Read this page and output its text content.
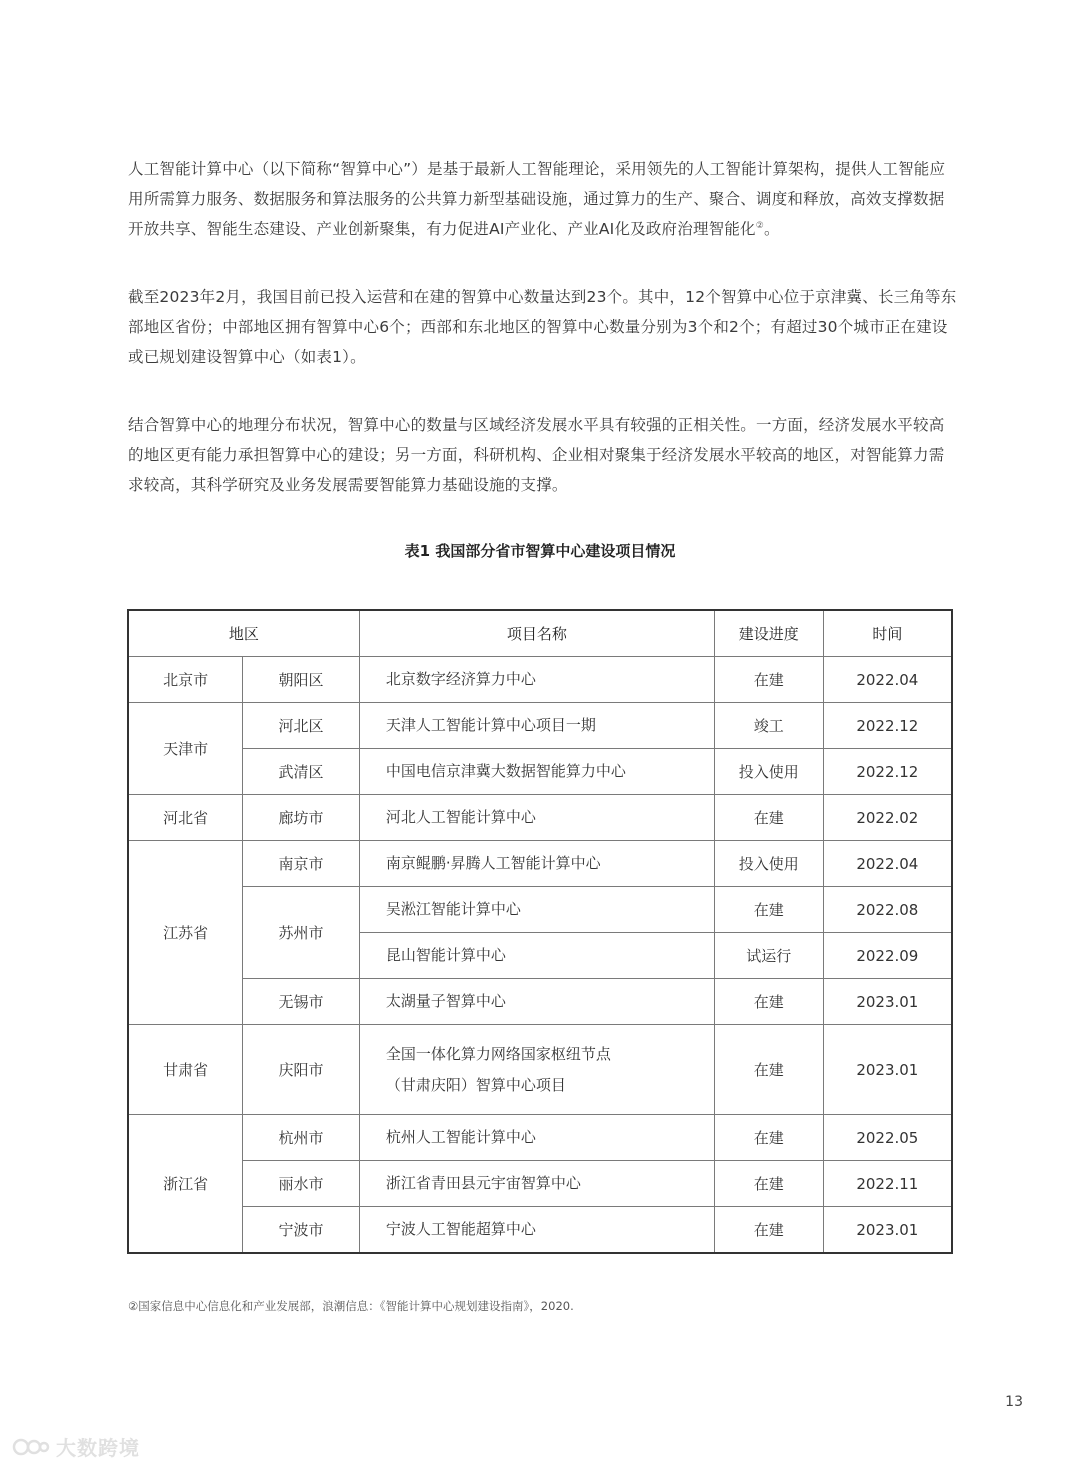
人工智能计算中心（以下简称“智算中心”）是基于最新人工智能理论，采用领先的人工智能计算架构，提供人工智能应用所需算力服务、数据服务和算法服务的公共算力新型基础设施，通过算力的生产、聚合、调度和释放，高效支撑数据开放共享、智能生态建设、产业创新聚集，有力促进AI产业化、产业AI化及政府治理智能化②。

截至2023年2月，我国目前已投入运营和在建的智算中心数量达到23个。其中，12个智算中心位于京津冀、长三角等东部地区省份；中部地区拥有智算中心6个；西部和东北地区的智算中心数量分别为3个和2个；有超过30个城市正在建设或已规划建设智算中心（如表1）。

结合智算中心的地理分布状况，智算中心的数量与区域经济发展水平具有较强的正相关性。一方面，经济发展水平较高的地区更有能力承担智算中心的建设；另一方面，科研机构、企业相对聚集于经济发展水平较高的地区，对智能算力需求较高，其科学研究及业务发展需要智能算力基础设施的支撑。

表1 我国部分省市智算中心建设项目情况
地区		项目名称	建设进度	时间
北京市	朝阳区	北京数字经济算力中心	在建	2022.04
天津市	河北区	天津人工智能计算中心项目一期	竣工	2022.12
	武清区	中国电信京津冀大数据智能算力中心	投入使用	2022.12
河北省	廊坊市	河北人工智能计算中心	在建	2022.02
江苏省	南京市	南京鲲鹏·昇腾人工智能计算中心	投入使用	2022.04
	苏州市	吴淞江智能计算中心	在建	2022.08
		昆山智能计算中心	试运行	2022.09
	无锡市	太湖量子智算中心	在建	2023.01
甘肃省	庆阳市	全国一体化算力网络国家枢纽节点
（甘肃庆阳）智算中心项目	在建	2023.01
浙江省	杭州市	杭州人工智能计算中心	在建	2022.05
	丽水市	浙江省青田县元宇宙智算中心	在建	2022.11
	宁波市	宁波人工智能超算中心	在建	2023.01
②国家信息中心信息化和产业发展部，浪潮信息：《智能计算中心规划建设指南》，2020.
13
大数跨境
